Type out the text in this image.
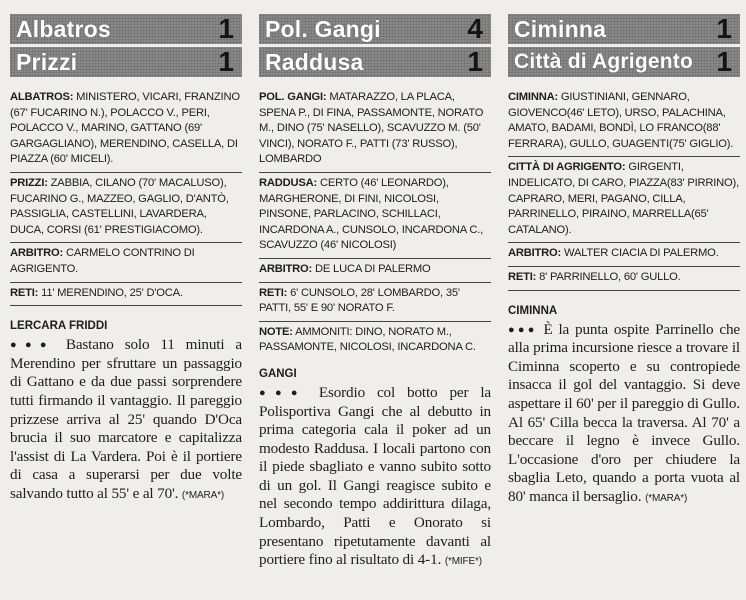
Albatros	1
Prizzi	1
ALBATROS: MINISTERO, VICARI, FRANZINO (67' FUCARINO N.), POLACCO V., PERI, POLACCO V., MARINO, GATTANO (69' GARGAGLIANO), MERENDINO, CASELLA, DI PIAZZA (60' MICELI).
PRIZZI: ZABBIA, CILANO (70' MACALUSO), FUCARINO G., MAZZEO, GAGLIO, D'ANTÒ, PASSIGLIA, CASTELLINI, LAVARDERA, DUCA, CORSI (61' PRESTIGIACOMO).
ARBITRO: CARMELO CONTRINO DI AGRIGENTO.
RETI: 11' MERENDINO, 25' D'OCA.
LERCARA FRIDDI

●●● Bastano solo 11 minuti a Merendino per sfruttare un passaggio di Gattano e da due passi sorprendere tutti firmando il vantaggio. Il pareggio prizzese arriva al 25' quando D'Oca brucia il suo marcatore e capitalizza l'assist di La Vardera. Poi è il portiere di casa a superarsi per due volte salvando tutto al 55' e al 70'. (*MARA*)

Pol. Gangi	4
Raddusa	1
POL. GANGI: MATARAZZO, LA PLACA, SPENA P., DI FINA, PASSAMONTE, NORATO M., DINO (75' NASELLO), SCAVUZZO M. (50' VINCI), NORATO F., PATTI (73' RUSSO), LOMBARDO
RADDUSA: CERTO (46' LEONARDO), MARGHERONE, DI FINI, NICOLOSI, PINSONE, PARLACINO, SCHILLACI, INCARDONA A., CUNSOLO, INCARDONA C., SCAVUZZO (46' NICOLOSI)
ARBITRO: DE LUCA DI PALERMO
RETI: 6' CUNSOLO, 28' LOMBARDO, 35' PATTI, 55' E 90' NORATO F.
NOTE: AMMONITI: DINO, NORATO M., PASSAMONTE, NICOLOSI, INCARDONA C.
GANGI

●●● Esordio col botto per la Polisportiva Gangi che al debutto in prima categoria cala il poker ad un modesto Raddusa. I locali partono con il piede sbagliato e vanno subito sotto di un gol. Il Gangi reagisce subito e nel secondo tempo addirittura dilaga, Lombardo, Patti e Onorato si presentano ripetutamente davanti al portiere fino al risultato di 4-1. (*MIFE*)

Ciminna	1
Città di Agrigento 1
CIMINNA: GIUSTINIANI, GENNARO, GIOVENCO(46' LETO), URSO, PALACHINA, AMATO, BADAMI, BONDÌ, LO FRANCO(88' FERRARA), GULLO, GUAGENTI(75' GIGLIO).
CITTÀ DI AGRIGENTO: GIRGENTI, INDELICATO, DI CARO, PIAZZA(83' PIRRINO), CAPRARO, MERI, PAGANO, CILLA, PARRINELLO, PIRAINO, MARRELLA(65' CATALANO).
ARBITRO: WALTER CIACIA DI PALERMO.
RETI: 8' PARRINELLO, 60' GULLO.
CIMINNA

●●● È la punta ospite Parrinello che alla prima incursione riesce a trovare il Ciminna scoperto e su contropiede insacca il gol del vantaggio. Si deve aspettare il 60' per il pareggio di Gullo. Al 65' Cilla becca la traversa. Al 70' a beccare il legno è invece Gullo. L'occasione d'oro per chiudere la sbaglia Leto, quando a porta vuota al 80' manca il bersaglio. (*MARA*)
